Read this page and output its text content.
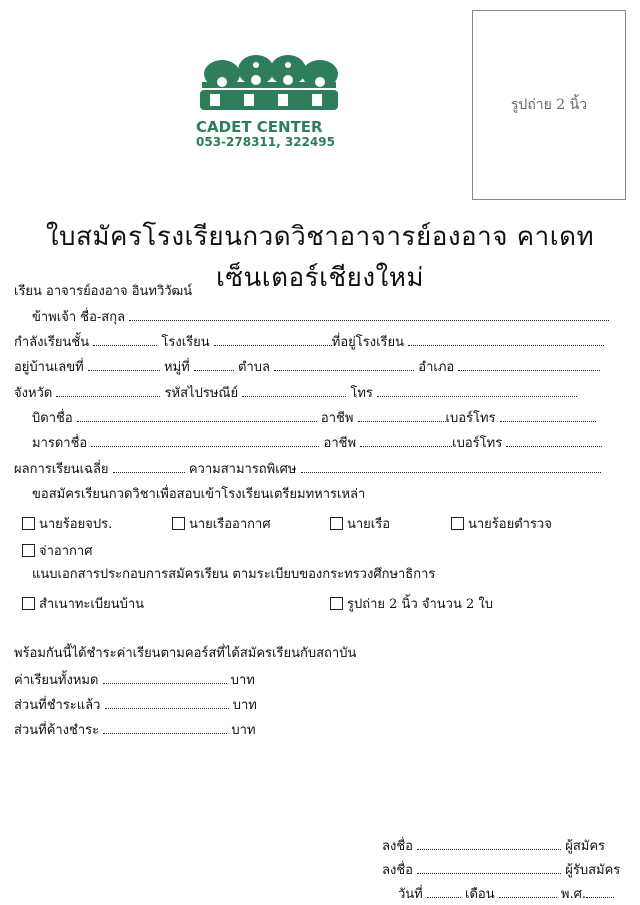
CADET CENTER
053-278311, 322495
รูปถ่าย 2 นิ้ว
ใบสมัครโรงเรียนกวดวิชาอาจารย์องอาจ คาเดทเซ็นเตอร์เชียงใหม่
เรียน อาจารย์องอาจ อินทวิวัฒน์
ข้าพเจ้า ชื่อ-สกุล
กำลังเรียนชั้น	โรงเรียน	ที่อยู่โรงเรียน
อยู่บ้านเลขที่	หมู่ที่	ตำบล	อำเภอ
จังหวัด	รหัสไปรษณีย์	โทร
บิดาชื่อ	อาชีพ	เบอร์โทร
มารดาชื่อ	อาชีพ	เบอร์โทร
ผลการเรียนเฉลี่ย	ความสามารถพิเศษ
ขอสมัครเรียนกวดวิชาเพื่อสอบเข้าโรงเรียนเตรียมทหารเหล่า
นายร้อยจปร.	นายเรืออากาศ	นายเรือ	นายร้อยตำรวจ
จ่าอากาศ
แนบเอกสารประกอบการสมัครเรียน ตามระเบียบของกระทรวงศึกษาธิการ
สำเนาทะเบียนบ้าน	รูปถ่าย 2 นิ้ว จำนวน 2 ใบ
พร้อมกันนี้ได้ชำระค่าเรียนตามคอร์สที่ได้สมัครเรียนกับสถาบัน
ค่าเรียนทั้งหมด	บาท
ส่วนที่ชำระแล้ว	บาท
ส่วนที่ค้างชำระ	บาท
ลงชื่อ	ผู้สมัคร
ลงชื่อ	ผู้รับสมัคร
วันที่	เดือน	พ.ศ.
